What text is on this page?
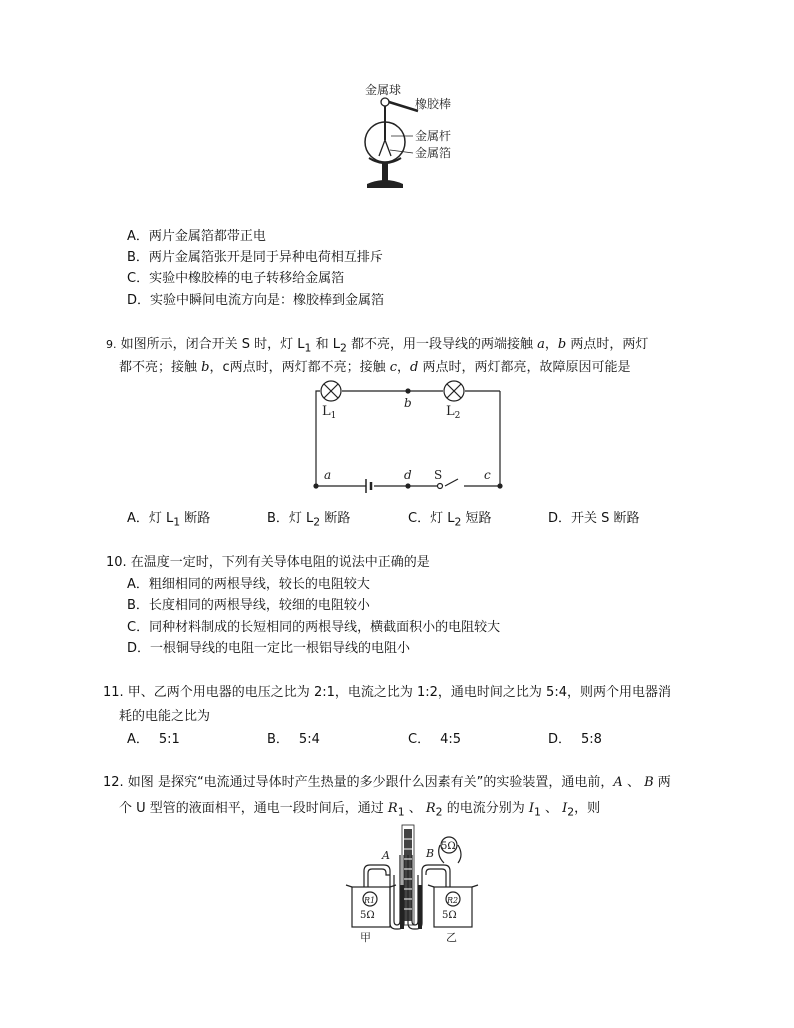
金属球
橡胶棒
金属杆
金属箔
A．两片金属箔都带正电
B．两片金属箔张开是同于异种电荷相互排斥
C．实验中橡胶棒的电子转移给金属箔
D．实验中瞬间电流方向是：橡胶棒到金属箔
9. 如图所示，闭合开关 S 时，灯 $L_1$ 和 $L_2$ 都不亮，用一段导线的两端接触 a，b 两点时，两灯
都不亮；接触 b，c两点时，两灯都不亮；接触 c，d 两点时，两灯都亮，故障原因可能是
$L_1$	$L_2$
b
a	d S	c
A．灯 $L_1$ 断路	B．灯 $L_2$ 断路	C．灯 $L_2$ 短路	D．开关 S 断路
10. 在温度一定时，下列有关导体电阻的说法中正确的是
A．粗细相同的两根导线，较长的电阻较大
B．长度相同的两根导线，较细的电阻较小
C．同种材料制成的长短相同的两根导线，横截面积小的电阻较大
D．一根铜导线的电阻一定比一根铝导线的电阻小
11. 甲、乙两个用电器的电压之比为 2:1，电流之比为 1:2，通电时间之比为 5:4，则两个用电器消
耗的电能之比为
A． 5:1	B． 5:4	C． 4:5	D． 5:8
12. 如图 是探究“电流通过导体时产生热量的多少跟什么因素有关”的实验装置，通电前，A 、 B 两
个 U 型管的液面相平，通电一段时间后，通过 $R_1$ 、 $R_2$ 的电流分别为 $I_1$ 、 $I_2$，则
A	B
5Ω
R1	R2
5Ω	5Ω
甲	乙
